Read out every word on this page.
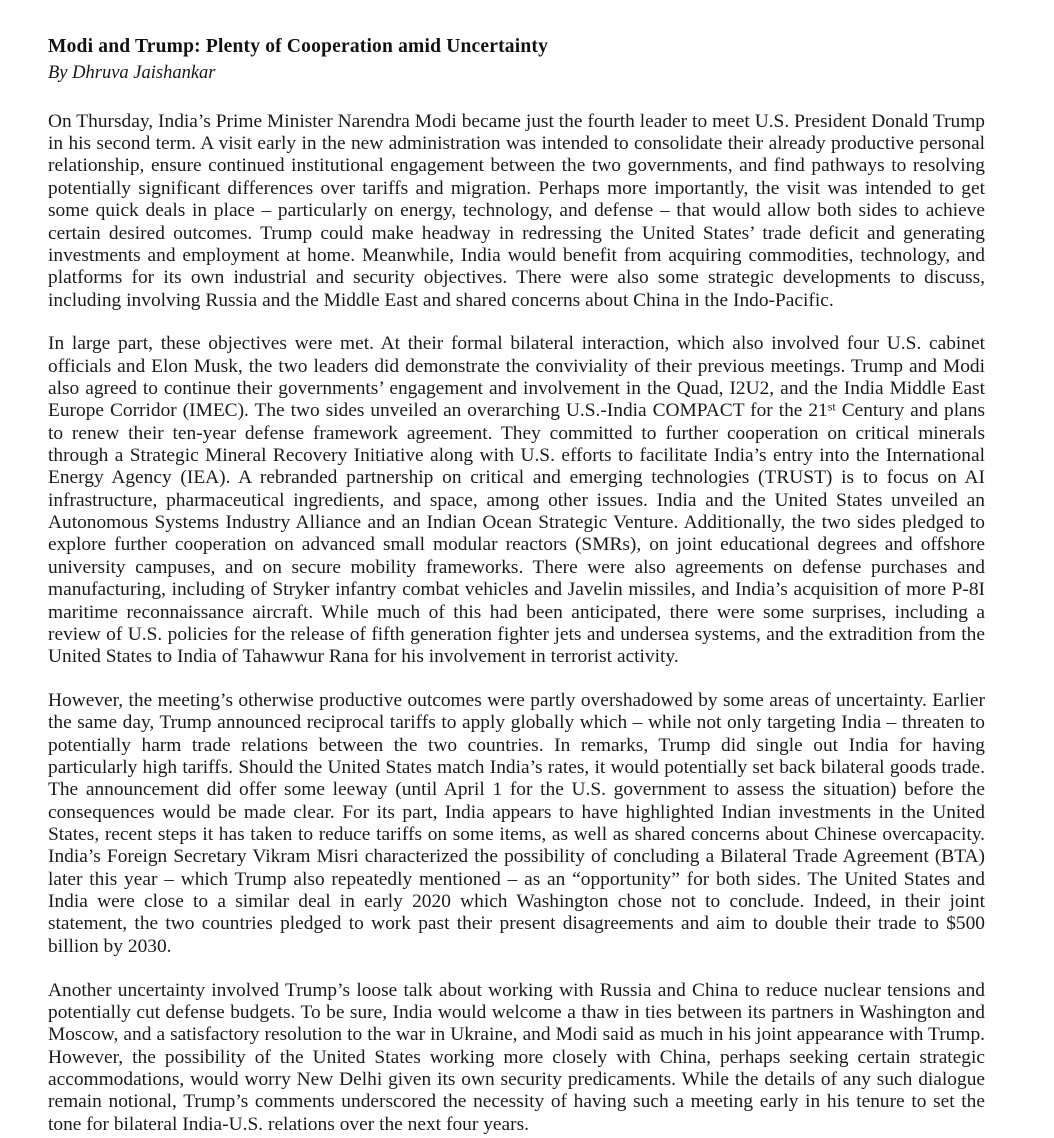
Modi and Trump: Plenty of Cooperation amid Uncertainty
By Dhruva Jaishankar

On Thursday, India’s Prime Minister Narendra Modi became just the fourth leader to meet U.S. President Donald Trump in his second term. A visit early in the new administration was intended to consolidate their already productive personal relationship, ensure continued institutional engagement between the two governments, and find pathways to resolving potentially significant differences over tariffs and migration. Perhaps more importantly, the visit was intended to get some quick deals in place – particularly on energy, technology, and defense – that would allow both sides to achieve certain desired outcomes. Trump could make headway in redressing the United States’ trade deficit and generating investments and employment at home. Meanwhile, India would benefit from acquiring commodities, technology, and platforms for its own industrial and security objectives. There were also some strategic developments to discuss, including involving Russia and the Middle East and shared concerns about China in the Indo-Pacific.

In large part, these objectives were met. At their formal bilateral interaction, which also involved four U.S. cabinet officials and Elon Musk, the two leaders did demonstrate the conviviality of their previous meetings. Trump and Modi also agreed to continue their governments’ engagement and involvement in the Quad, I2U2, and the India Middle East Europe Corridor (IMEC). The two sides unveiled an overarching U.S.-India COMPACT for the 21st Century and plans to renew their ten-year defense framework agreement. They committed to further cooperation on critical minerals through a Strategic Mineral Recovery Initiative along with U.S. efforts to facilitate India’s entry into the International Energy Agency (IEA). A rebranded partnership on critical and emerging technologies (TRUST) is to focus on AI infrastructure, pharmaceutical ingredients, and space, among other issues. India and the United States unveiled an Autonomous Systems Industry Alliance and an Indian Ocean Strategic Venture. Additionally, the two sides pledged to explore further cooperation on advanced small modular reactors (SMRs), on joint educational degrees and offshore university campuses, and on secure mobility frameworks. There were also agreements on defense purchases and manufacturing, including of Stryker infantry combat vehicles and Javelin missiles, and India’s acquisition of more P-8I maritime reconnaissance aircraft. While much of this had been anticipated, there were some surprises, including a review of U.S. policies for the release of fifth generation fighter jets and undersea systems, and the extradition from the United States to India of Tahawwur Rana for his involvement in terrorist activity.

However, the meeting’s otherwise productive outcomes were partly overshadowed by some areas of uncertainty. Earlier the same day, Trump announced reciprocal tariffs to apply globally which – while not only targeting India – threaten to potentially harm trade relations between the two countries. In remarks, Trump did single out India for having particularly high tariffs. Should the United States match India’s rates, it would potentially set back bilateral goods trade. The announcement did offer some leeway (until April 1 for the U.S. government to assess the situation) before the consequences would be made clear. For its part, India appears to have highlighted Indian investments in the United States, recent steps it has taken to reduce tariffs on some items, as well as shared concerns about Chinese overcapacity. India’s Foreign Secretary Vikram Misri characterized the possibility of concluding a Bilateral Trade Agreement (BTA) later this year – which Trump also repeatedly mentioned – as an “opportunity” for both sides. The United States and India were close to a similar deal in early 2020 which Washington chose not to conclude. Indeed, in their joint statement, the two countries pledged to work past their present disagreements and aim to double their trade to $500 billion by 2030.

Another uncertainty involved Trump’s loose talk about working with Russia and China to reduce nuclear tensions and potentially cut defense budgets. To be sure, India would welcome a thaw in ties between its partners in Washington and Moscow, and a satisfactory resolution to the war in Ukraine, and Modi said as much in his joint appearance with Trump. However, the possibility of the United States working more closely with China, perhaps seeking certain strategic accommodations, would worry New Delhi given its own security predicaments. While the details of any such dialogue remain notional, Trump’s comments underscored the necessity of having such a meeting early in his tenure to set the tone for bilateral India-U.S. relations over the next four years.
